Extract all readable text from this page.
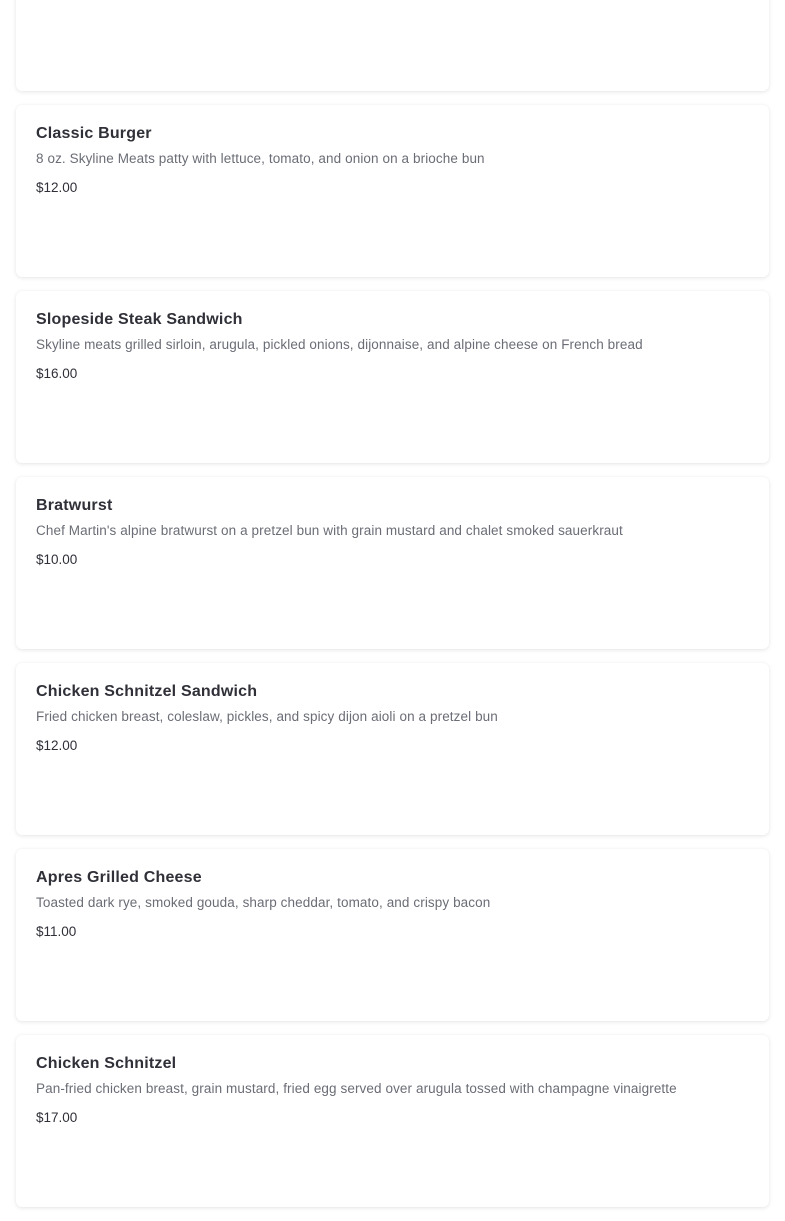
Classic Burger
8 oz. Skyline Meats patty with lettuce, tomato, and onion on a brioche bun
$12.00
Slopeside Steak Sandwich
Skyline meats grilled sirloin, arugula, pickled onions, dijonnaise, and alpine cheese on French bread
$16.00
Bratwurst
Chef Martin's alpine bratwurst on a pretzel bun with grain mustard and chalet smoked sauerkraut
$10.00
Chicken Schnitzel Sandwich
Fried chicken breast, coleslaw, pickles, and spicy dijon aioli on a pretzel bun
$12.00
Apres Grilled Cheese
Toasted dark rye, smoked gouda, sharp cheddar, tomato, and crispy bacon
$11.00
Chicken Schnitzel
Pan-fried chicken breast, grain mustard, fried egg served over arugula tossed with champagne vinaigrette
$17.00
